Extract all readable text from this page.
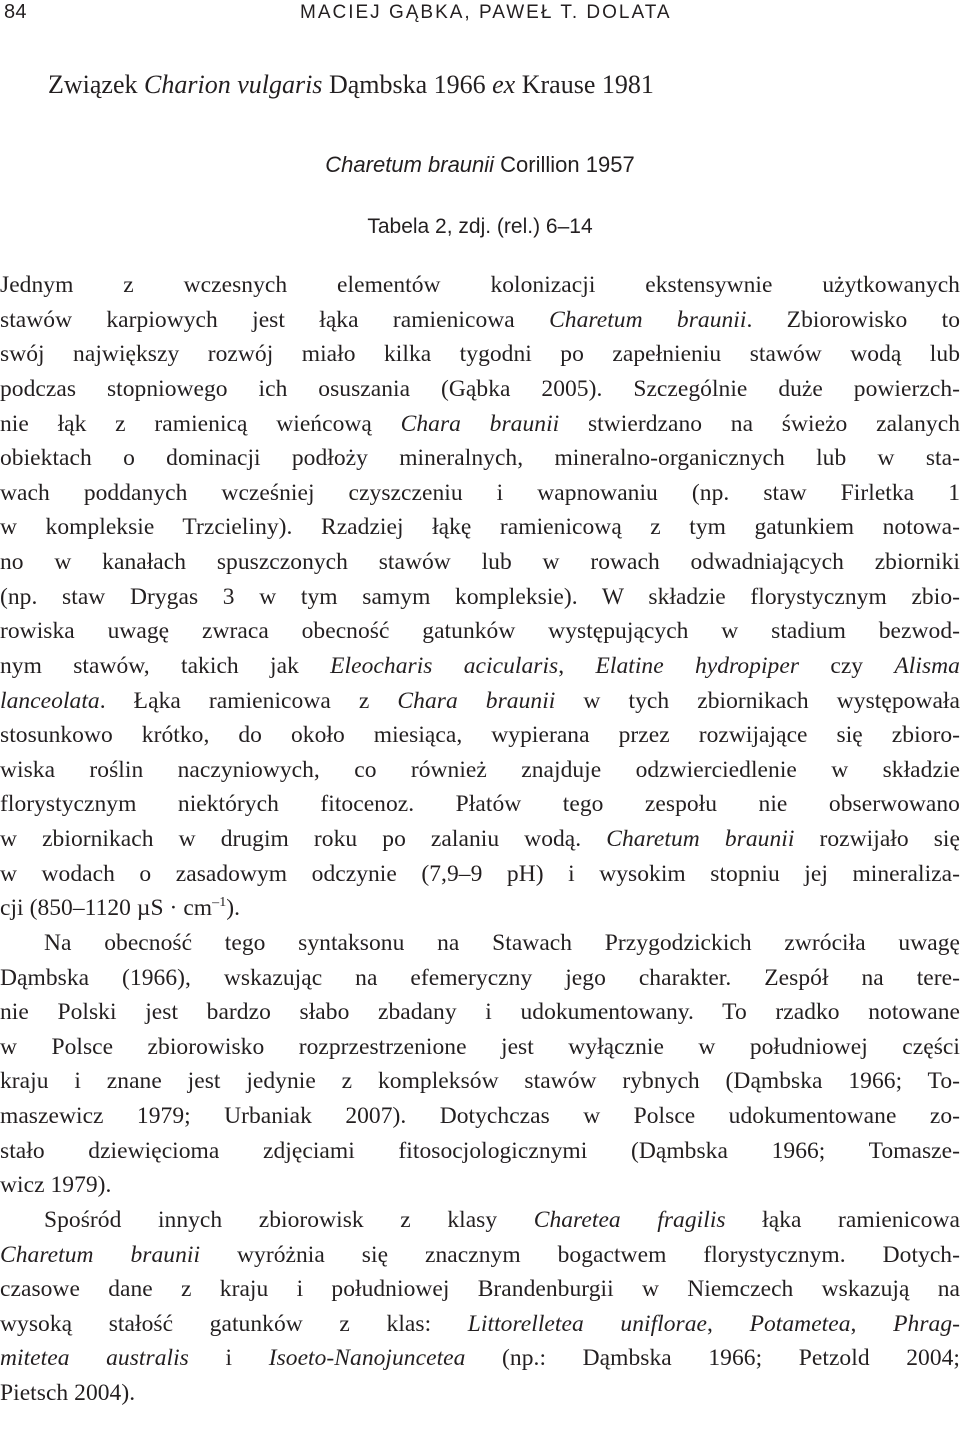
84	MACIEJ GĄBKA, PAWEŁ T. DOLATA
Związek Charion vulgaris Dąmbska 1966 ex Krause 1981
Charetum braunii Corillion 1957
Tabela 2, zdj. (rel.) 6–14
Jednym z wczesnych elementów kolonizacji ekstensywnie użytkowanych
stawów karpiowych jest łąka ramienicowa Charetum braunii. Zbiorowisko to
swój największy rozwój miało kilka tygodni po zapełnieniu stawów wodą lub
podczas stopniowego ich osuszania (Gąbka 2005). Szczególnie duże powierzch-
nie łąk z ramienicą wieńcową Chara braunii stwierdzano na świeżo zalanych
obiektach o dominacji podłoży mineralnych, mineralno-organicznych lub w sta-
wach poddanych wcześniej czyszczeniu i wapnowaniu (np. staw Firletka 1
w kompleksie Trzcieliny). Rzadziej łąkę ramienicową z tym gatunkiem notowa-
no w kanałach spuszczonych stawów lub w rowach odwadniających zbiorniki
(np. staw Drygas 3 w tym samym kompleksie). W składzie florystycznym zbio-
rowiska uwagę zwraca obecność gatunków występujących w stadium bezwod-
nym stawów, takich jak Eleocharis acicularis, Elatine hydropiper czy Alisma
lanceolata. Łąka ramienicowa z Chara braunii w tych zbiornikach występowała
stosunkowo krótko, do około miesiąca, wypierana przez rozwijające się zbioro-
wiska roślin naczyniowych, co również znajduje odzwierciedlenie w składzie
florystycznym niektórych fitocenoz. Płatów tego zespołu nie obserwowano
w zbiornikach w drugim roku po zalaniu wodą. Charetum braunii rozwijało się
w wodach o zasadowym odczynie (7,9–9 pH) i wysokim stopniu jej mineraliza-
cji (850–1120 $\mu S \cdot cm^{-1}$).
Na obecność tego syntaksonu na Stawach Przygodzickich zwróciła uwagę
Dąmbska (1966), wskazując na efemeryczny jego charakter. Zespół na tere-
nie Polski jest bardzo słabo zbadany i udokumentowany. To rzadko notowane
w Polsce zbiorowisko rozprzestrzenione jest wyłącznie w południowej części
kraju i znane jest jedynie z kompleksów stawów rybnych (Dąmbska 1966; To-
maszewicz 1979; Urbaniak 2007). Dotychczas w Polsce udokumentowane zo-
stało dziewięcioma zdjęciami fitosocjologicznymi (Dąmbska 1966; Tomasze-
wicz 1979).
Spośród innych zbiorowisk z klasy Charetea fragilis łąka ramienicowa
Charetum braunii wyróżnia się znacznym bogactwem florystycznym. Dotych-
czasowe dane z kraju i południowej Brandenburgii w Niemczech wskazują na
wysoką stałość gatunków z klas: Littorelletea uniflorae, Potametea, Phrag-
mitetea australis i Isoeto-Nanojuncetea (np.: Dąmbska 1966; Petzold 2004;
Pietsch 2004).
